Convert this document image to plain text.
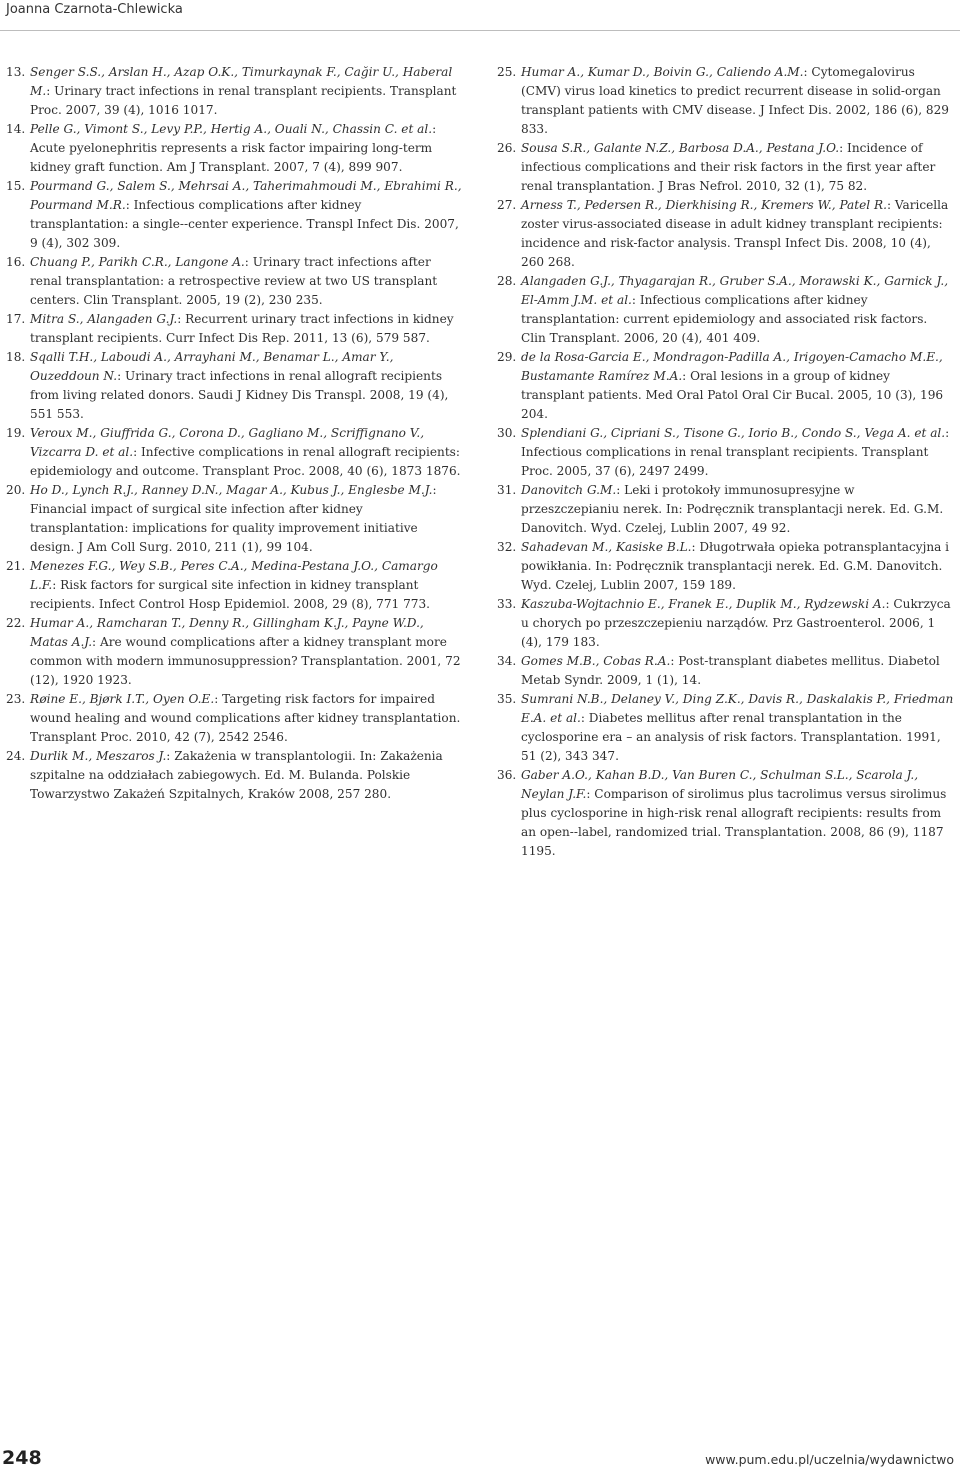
Joanna Czarnota-Chlewicka

13. Senger S.S., Arslan H., Azap O.K., Timurkaynak F., Cağir U., Haberal M.: Urinary tract infections in renal transplant recipients. Transplant Proc. 2007, 39 (4), 1016 1017.

14. Pelle G., Vimont S., Levy P.P., Hertig A., Ouali N., Chassin C. et al.: Acute pyelonephritis represents a risk factor impairing long-term kidney graft function. Am J Transplant. 2007, 7 (4), 899 907.

15. Pourmand G., Salem S., Mehrsai A., Taherimahmoudi M., Ebrahimi R., Pourmand M.R.: Infectious complications after kidney transplantation: a single--center experience. Transpl Infect Dis. 2007, 9 (4), 302 309.

16. Chuang P., Parikh C.R., Langone A.: Urinary tract infections after renal transplantation: a retrospective review at two US transplant centers. Clin Transplant. 2005, 19 (2), 230 235.

17. Mitra S., Alangaden G.J.: Recurrent urinary tract infections in kidney transplant recipients. Curr Infect Dis Rep. 2011, 13 (6), 579 587.

18. Sqalli T.H., Laboudi A., Arrayhani M., Benamar L., Amar Y., Ouzeddoun N.: Urinary tract infections in renal allograft recipients from living related donors. Saudi J Kidney Dis Transpl. 2008, 19 (4), 551 553.

19. Veroux M., Giuffrida G., Corona D., Gagliano M., Scriffignano V., Vizcarra D. et al.: Infective complications in renal allograft recipients: epidemiology and outcome. Transplant Proc. 2008, 40 (6), 1873 1876.

20. Ho D., Lynch R.J., Ranney D.N., Magar A., Kubus J., Englesbe M.J.: Financial impact of surgical site infection after kidney transplantation: implications for quality improvement initiative design. J Am Coll Surg. 2010, 211 (1), 99 104.

21. Menezes F.G., Wey S.B., Peres C.A., Medina-Pestana J.O., Camargo L.F.: Risk factors for surgical site infection in kidney transplant recipients. Infect Control Hosp Epidemiol. 2008, 29 (8), 771 773.

22. Humar A., Ramcharan T., Denny R., Gillingham K.J., Payne W.D., Matas A.J.: Are wound complications after a kidney transplant more common with modern immunosuppression? Transplantation. 2001, 72 (12), 1920 1923.

23. Røine E., Bjørk I.T., Oyen O.E.: Targeting risk factors for impaired wound healing and wound complications after kidney transplantation. Transplant Proc. 2010, 42 (7), 2542 2546.

24. Durlik M., Meszaros J.: Zakażenia w transplantologii. In: Zakażenia szpitalne na oddziałach zabiegowych. Ed. M. Bulanda. Polskie Towarzystwo Zakażeń Szpitalnych, Kraków 2008, 257 280.

25. Humar A., Kumar D., Boivin G., Caliendo A.M.: Cytomegalovirus (CMV) virus load kinetics to predict recurrent disease in solid-organ transplant patients with CMV disease. J Infect Dis. 2002, 186 (6), 829 833.

26. Sousa S.R., Galante N.Z., Barbosa D.A., Pestana J.O.: Incidence of infectious complications and their risk factors in the first year after renal transplantation. J Bras Nefrol. 2010, 32 (1), 75 82.

27. Arness T., Pedersen R., Dierkhising R., Kremers W., Patel R.: Varicella zoster virus-associated disease in adult kidney transplant recipients: incidence and risk-factor analysis. Transpl Infect Dis. 2008, 10 (4), 260 268.

28. Alangaden G.J., Thyagarajan R., Gruber S.A., Morawski K., Garnick J., El-Amm J.M. et al.: Infectious complications after kidney transplantation: current epidemiology and associated risk factors. Clin Transplant. 2006, 20 (4), 401 409.

29. de la Rosa-Garcia E., Mondragon-Padilla A., Irigoyen-Camacho M.E., Bustamante Ramírez M.A.: Oral lesions in a group of kidney transplant patients. Med Oral Patol Oral Cir Bucal. 2005, 10 (3), 196 204.

30. Splendiani G., Cipriani S., Tisone G., Iorio B., Condo S., Vega A. et al.: Infectious complications in renal transplant recipients. Transplant Proc. 2005, 37 (6), 2497 2499.

31. Danovitch G.M.: Leki i protokoły immunosupresyjne w przeszczepianiu nerek. In: Podręcznik transplantacji nerek. Ed. G.M. Danovitch. Wyd. Czelej, Lublin 2007, 49 92.

32. Sahadevan M., Kasiske B.L.: Długotrwała opieka potransplantacyjna i powikłania. In: Podręcznik transplantacji nerek. Ed. G.M. Danovitch. Wyd. Czelej, Lublin 2007, 159 189.

33. Kaszuba-Wojtachnio E., Franek E., Duplik M., Rydzewski A.: Cukrzyca u chorych po przeszczepieniu narządów. Prz Gastroenterol. 2006, 1 (4), 179 183.

34. Gomes M.B., Cobas R.A.: Post-transplant diabetes mellitus. Diabetol Metab Syndr. 2009, 1 (1), 14.

35. Sumrani N.B., Delaney V., Ding Z.K., Davis R., Daskalakis P., Friedman E.A. et al.: Diabetes mellitus after renal transplantation in the cyclosporine era – an analysis of risk factors. Transplantation. 1991, 51 (2), 343 347.

36. Gaber A.O., Kahan B.D., Van Buren C., Schulman S.L., Scarola J., Neylan J.F.: Comparison of sirolimus plus tacrolimus versus sirolimus plus cyclosporine in high-risk renal allograft recipients: results from an open--label, randomized trial. Transplantation. 2008, 86 (9), 1187 1195.

248	www.pum.edu.pl/uczelnia/wydawnictwo
